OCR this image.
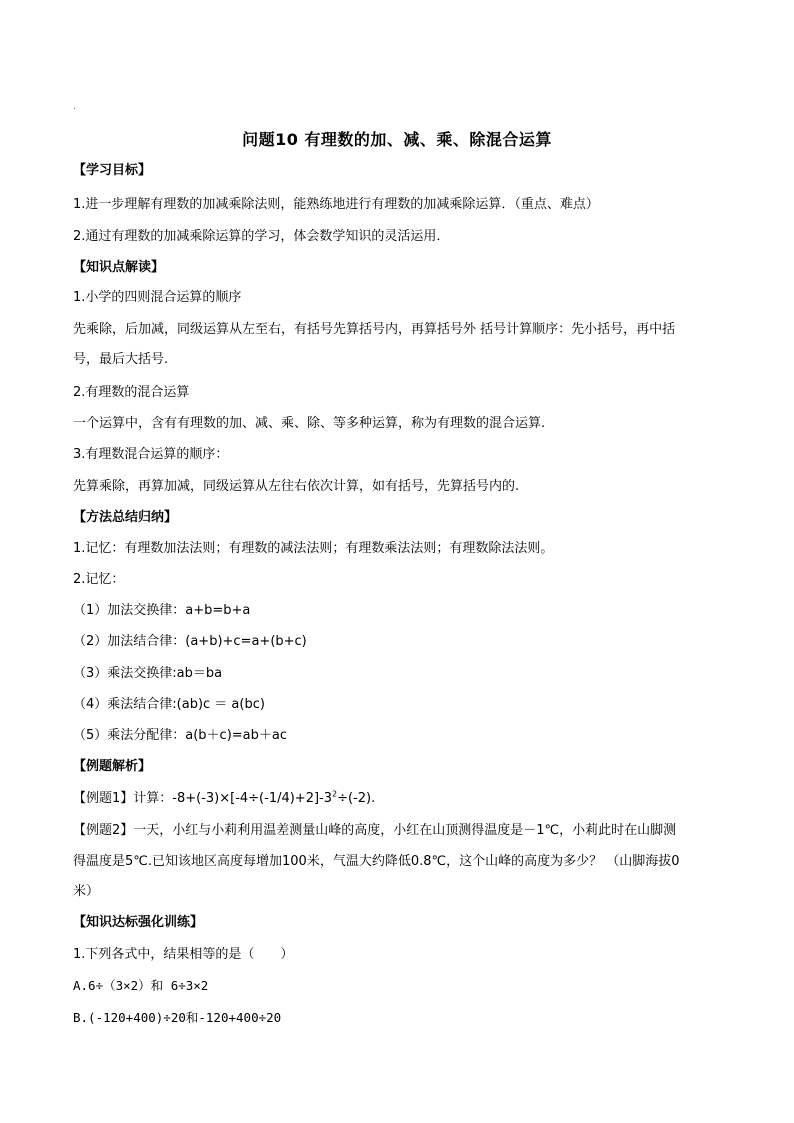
.
问题10 有理数的加、减、乘、除混合运算
【学习目标】
1.进一步理解有理数的加减乘除法则，能熟练地进行有理数的加减乘除运算．（重点、难点）
2.通过有理数的加减乘除运算的学习，体会数学知识的灵活运用．
【知识点解读】
1.小学的四则混合运算的顺序
先乘除，后加减，同级运算从左至右，有括号先算括号内，再算括号外 括号计算顺序：先小括号，再中括
号，最后大括号.
2.有理数的混合运算
一个运算中，含有有理数的加、减、乘、除、等多种运算，称为有理数的混合运算.
3.有理数混合运算的顺序：
先算乘除，再算加减，同级运算从左往右依次计算，如有括号，先算括号内的.
【方法总结归纳】
1.记忆：有理数加法法则；有理数的减法法则；有理数乘法法则；有理数除法法则。
2.记忆：
（1）加法交换律：a+b=b+a
（2）加法结合律：(a+b)+c=a+(b+c)
（3）乘法交换律:ab＝ba
（4）乘法结合律:(ab)c ＝ a(bc)
（5）乘法分配律：a(b＋c)=ab＋ac
【例题解析】
【例题1】计算：$-8+(-3)\times[-4\div(-1/4)+2]-3^2\div(-2)$.
【例题2】一天，小红与小莉利用温差测量山峰的高度，小红在山顶测得温度是－1℃，小莉此时在山脚测
得温度是5℃.已知该地区高度每增加100米，气温大约降低0.8℃，这个山峰的高度为多少？ （山脚海拔0
米）
【知识达标强化训练】
1.下列各式中，结果相等的是（　　）
A.6÷（3×2）和 6÷3×2
B.(-120+400)÷20和-120+400÷20
